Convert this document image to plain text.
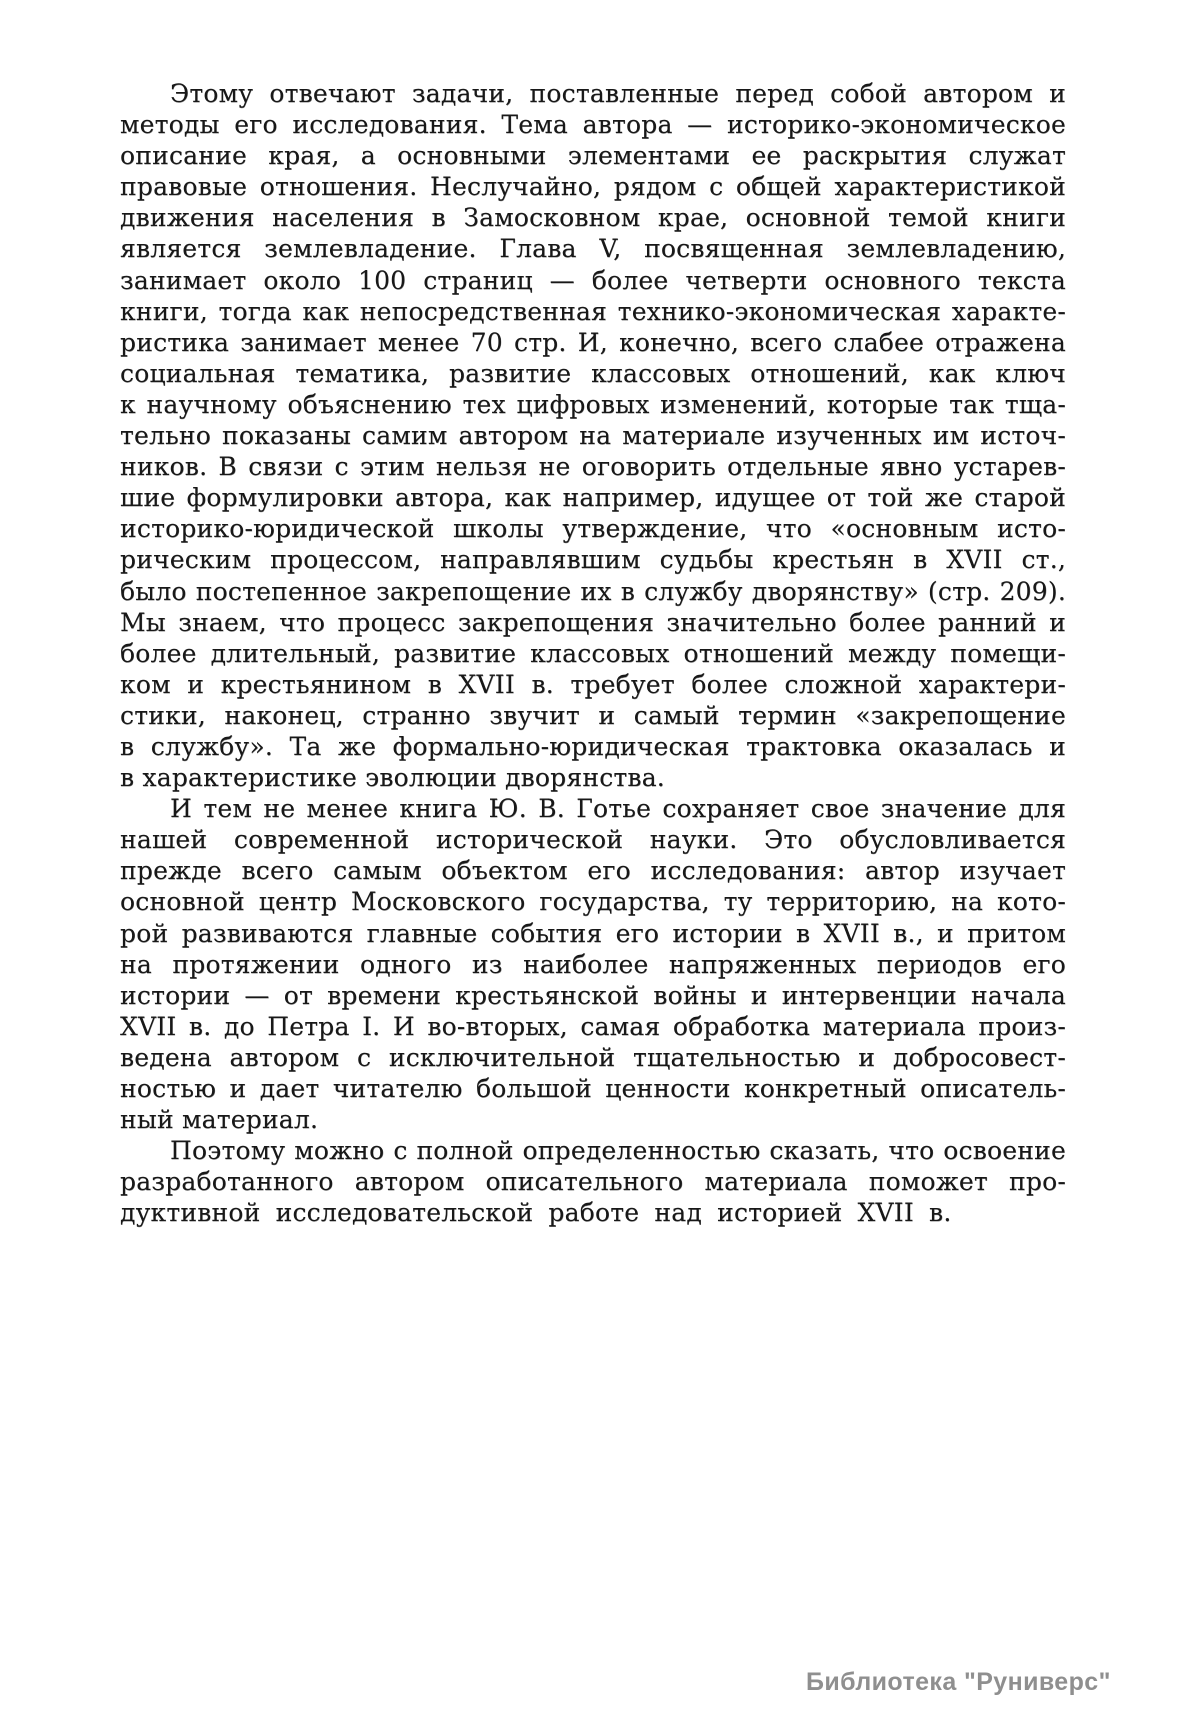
Этому отвечают задачи, поставленные перед собой автором и
методы его исследования. Тема автора — историко-экономическое
описание края, а основными элементами ее раскрытия служат
правовые отношения. Неслучайно, рядом с общей характеристикой
движения населения в Замосковном крае, основной темой книги
является землевладение. Глава V, посвященная землевладению,
занимает около 100 страниц — более четверти основного текста
книги, тогда как непосредственная технико-экономическая характе-
ристика занимает менее 70 стр. И, конечно, всего слабее отражена
социальная тематика, развитие классовых отношений, как ключ
к научному объяснению тех цифровых изменений, которые так тща-
тельно показаны самим автором на материале изученных им источ-
ников. В связи с этим нельзя не оговорить отдельные явно устарев-
шие формулировки автора, как например, идущее от той же старой
историко-юридической школы утверждение, что «основным исто-
рическим процессом, направлявшим судьбы крестьян в XVII ст.,
было постепенное закрепощение их в службу дворянству» (стр. 209).
Мы знаем, что процесс закрепощения значительно более ранний и
более длительный, развитие классовых отношений между помещи-
ком и крестьянином в XVII в. требует более сложной характери-
стики, наконец, странно звучит и самый термин «закрепощение
в службу». Та же формально-юридическая трактовка оказалась и
в характеристике эволюции дворянства.
И тем не менее книга Ю. В. Готье сохраняет свое значение для
нашей современной исторической науки. Это обусловливается
прежде всего самым объектом его исследования: автор изучает
основной центр Московского государства, ту территорию, на кото-
рой развиваются главные события его истории в XVII в., и притом
на протяжении одного из наиболее напряженных периодов его
истории — от времени крестьянской войны и интервенции начала
XVII в. до Петра I. И во-вторых, самая обработка материала произ-
ведена автором с исключительной тщательностью и добросовест-
ностью и дает читателю большой ценности конкретный описатель-
ный материал.
Поэтому можно с полной определенностью сказать, что освоение
разработанного автором описательного материала поможет про-
дуктивной исследовательской работе над историей XVII в.
Библиотека "Руниверс"
